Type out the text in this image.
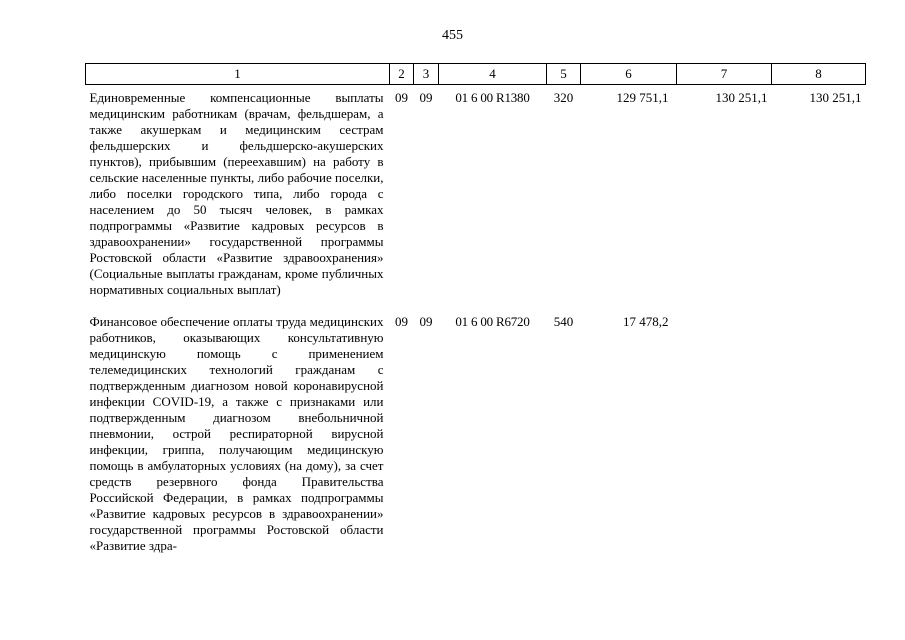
455
1	2	3	4	5	6	7	8
Единовременные компенсационные выплаты медицинским работникам (врачам, фельдшерам, а также акушеркам и медицинским сестрам фельдшерских и фельдшерско-акушерских пунктов), прибывшим (переехавшим) на работу в сельские населенные пункты, либо рабочие поселки, либо поселки городского типа, либо города с населением до 50 тысяч человек, в рамках подпрограммы «Развитие кадровых ресурсов в здравоохранении» государственной программы Ростовской области «Развитие здравоохранения» (Социальные выплаты гражданам, кроме публичных нормативных социальных выплат)	09	09	01 6 00 R1380	320	129 751,1	130 251,1	130 251,1
Финансовое обеспечение оплаты труда медицинских работников, оказывающих консультативную медицинскую помощь с применением телемедицинских технологий гражданам с подтвержденным диагнозом новой коронавирусной инфекции COVID-19, а также с признаками или подтвержденным диагнозом внебольничной пневмонии, острой респираторной вирусной инфекции, гриппа, получающим медицинскую помощь в амбулаторных условиях (на дому), за счет средств резервного фонда Правительства Российской Федерации, в рамках подпрограммы «Развитие кадровых ресурсов в здравоохранении» государственной программы Ростовской области «Развитие здра-	09	09	01 6 00 R6720	540	17 478,2		
